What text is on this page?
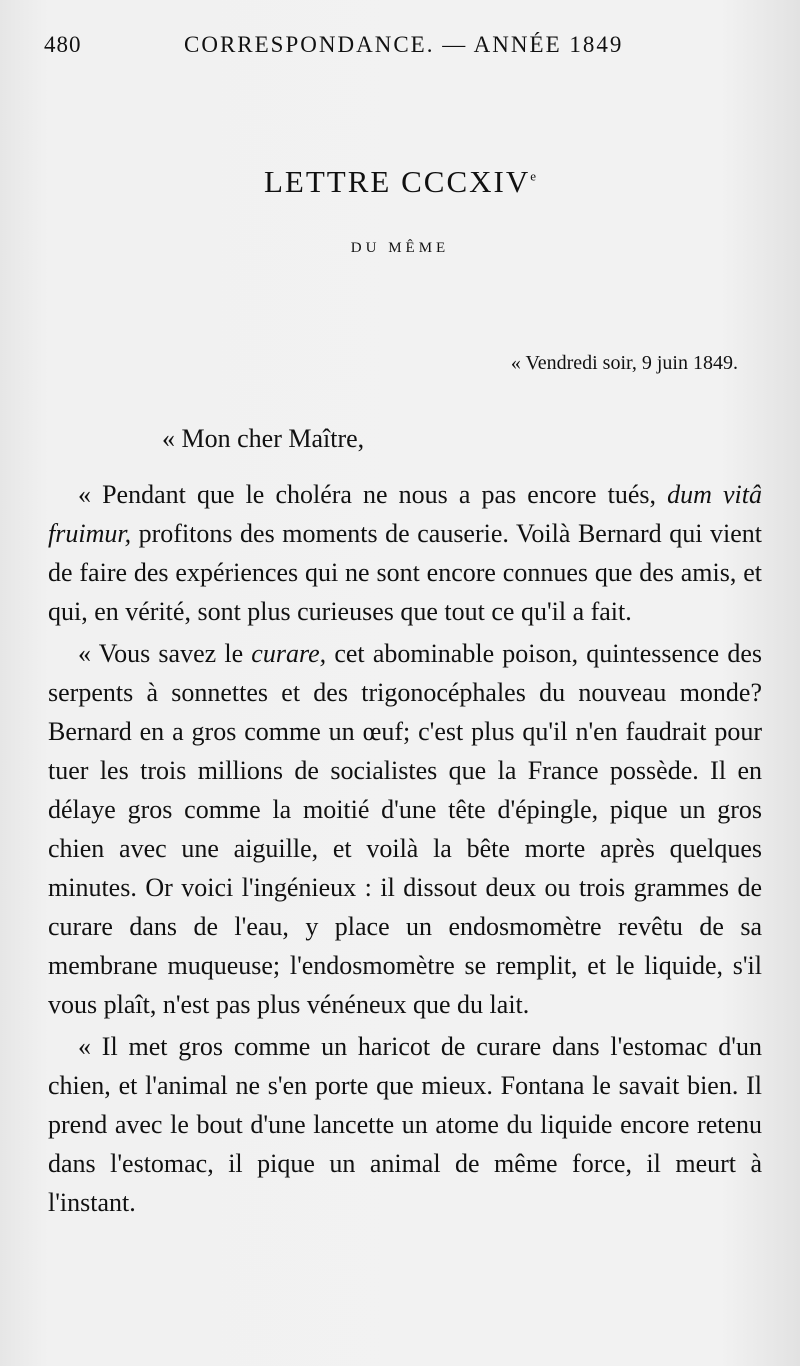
480	CORRESPONDANCE. — ANNÉE 1849
LETTRE CCCXIVe
DU MÊME
« Vendredi soir, 9 juin 1849.
« Mon cher Maître,

« Pendant que le choléra ne nous a pas encore tués, dum vitâ fruimur, profitons des moments de causerie. Voilà Bernard qui vient de faire des expériences qui ne sont encore connues que des amis, et qui, en vérité, sont plus curieuses que tout ce qu'il a fait.

« Vous savez le curare, cet abominable poison, quintessence des serpents à sonnettes et des trigonocéphales du nouveau monde? Bernard en a gros comme un œuf; c'est plus qu'il n'en faudrait pour tuer les trois millions de socialistes que la France possède. Il en délaye gros comme la moitié d'une tête d'épingle, pique un gros chien avec une aiguille, et voilà la bête morte après quelques minutes. Or voici l'ingénieux : il dissout deux ou trois grammes de curare dans de l'eau, y place un endosmomètre revêtu de sa membrane muqueuse; l'endosmomètre se remplit, et le liquide, s'il vous plaît, n'est pas plus vénéneux que du lait.

« Il met gros comme un haricot de curare dans l'estomac d'un chien, et l'animal ne s'en porte que mieux. Fontana le savait bien. Il prend avec le bout d'une lancette un atome du liquide encore retenu dans l'estomac, il pique un animal de même force, il meurt à l'instant.
